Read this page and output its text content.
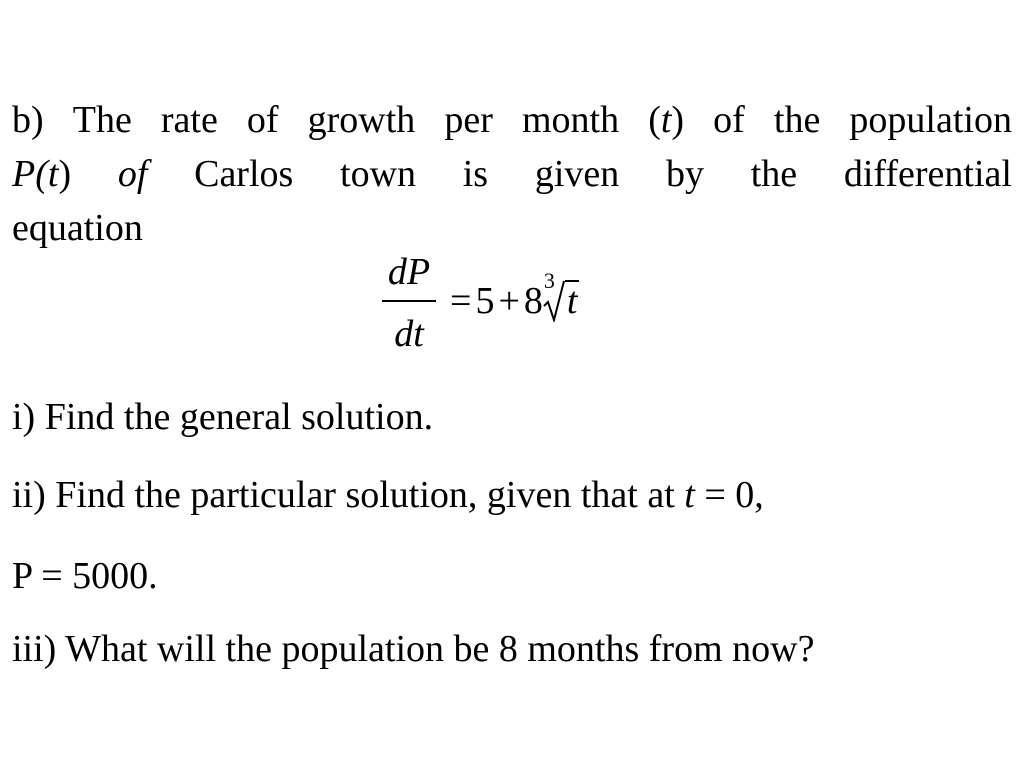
b) The rate of growth per month (t) of the population
P(t) of Carlos town is given by the differential
equation
dP
dt
= 5 + 8 3 t
i) Find the general solution.
ii) Find the particular solution, given that at t = 0,
P = 5000.
iii) What will the population be 8 months from now?
